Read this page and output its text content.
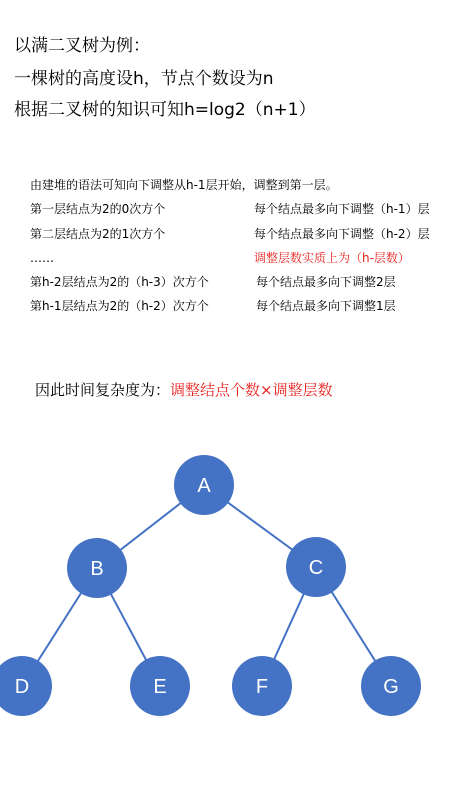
以满二叉树为例：
一棵树的高度设h，节点个数设为n
根据二叉树的知识可知h=log2（n+1）
由建堆的语法可知向下调整从h-1层开始，调整到第一层。
第一层结点为2的0次方个	每个结点最多向下调整（h-1）层
第二层结点为2的1次方个	每个结点最多向下调整（h-2）层
……	调整层数实质上为（h-层数）
第h-2层结点为2的（h-3）次方个	每个结点最多向下调整2层
第h-1层结点为2的（h-2）次方个	每个结点最多向下调整1层
因此时间复杂度为：调整结点个数×调整层数
A
B	C
D	E	F	G
